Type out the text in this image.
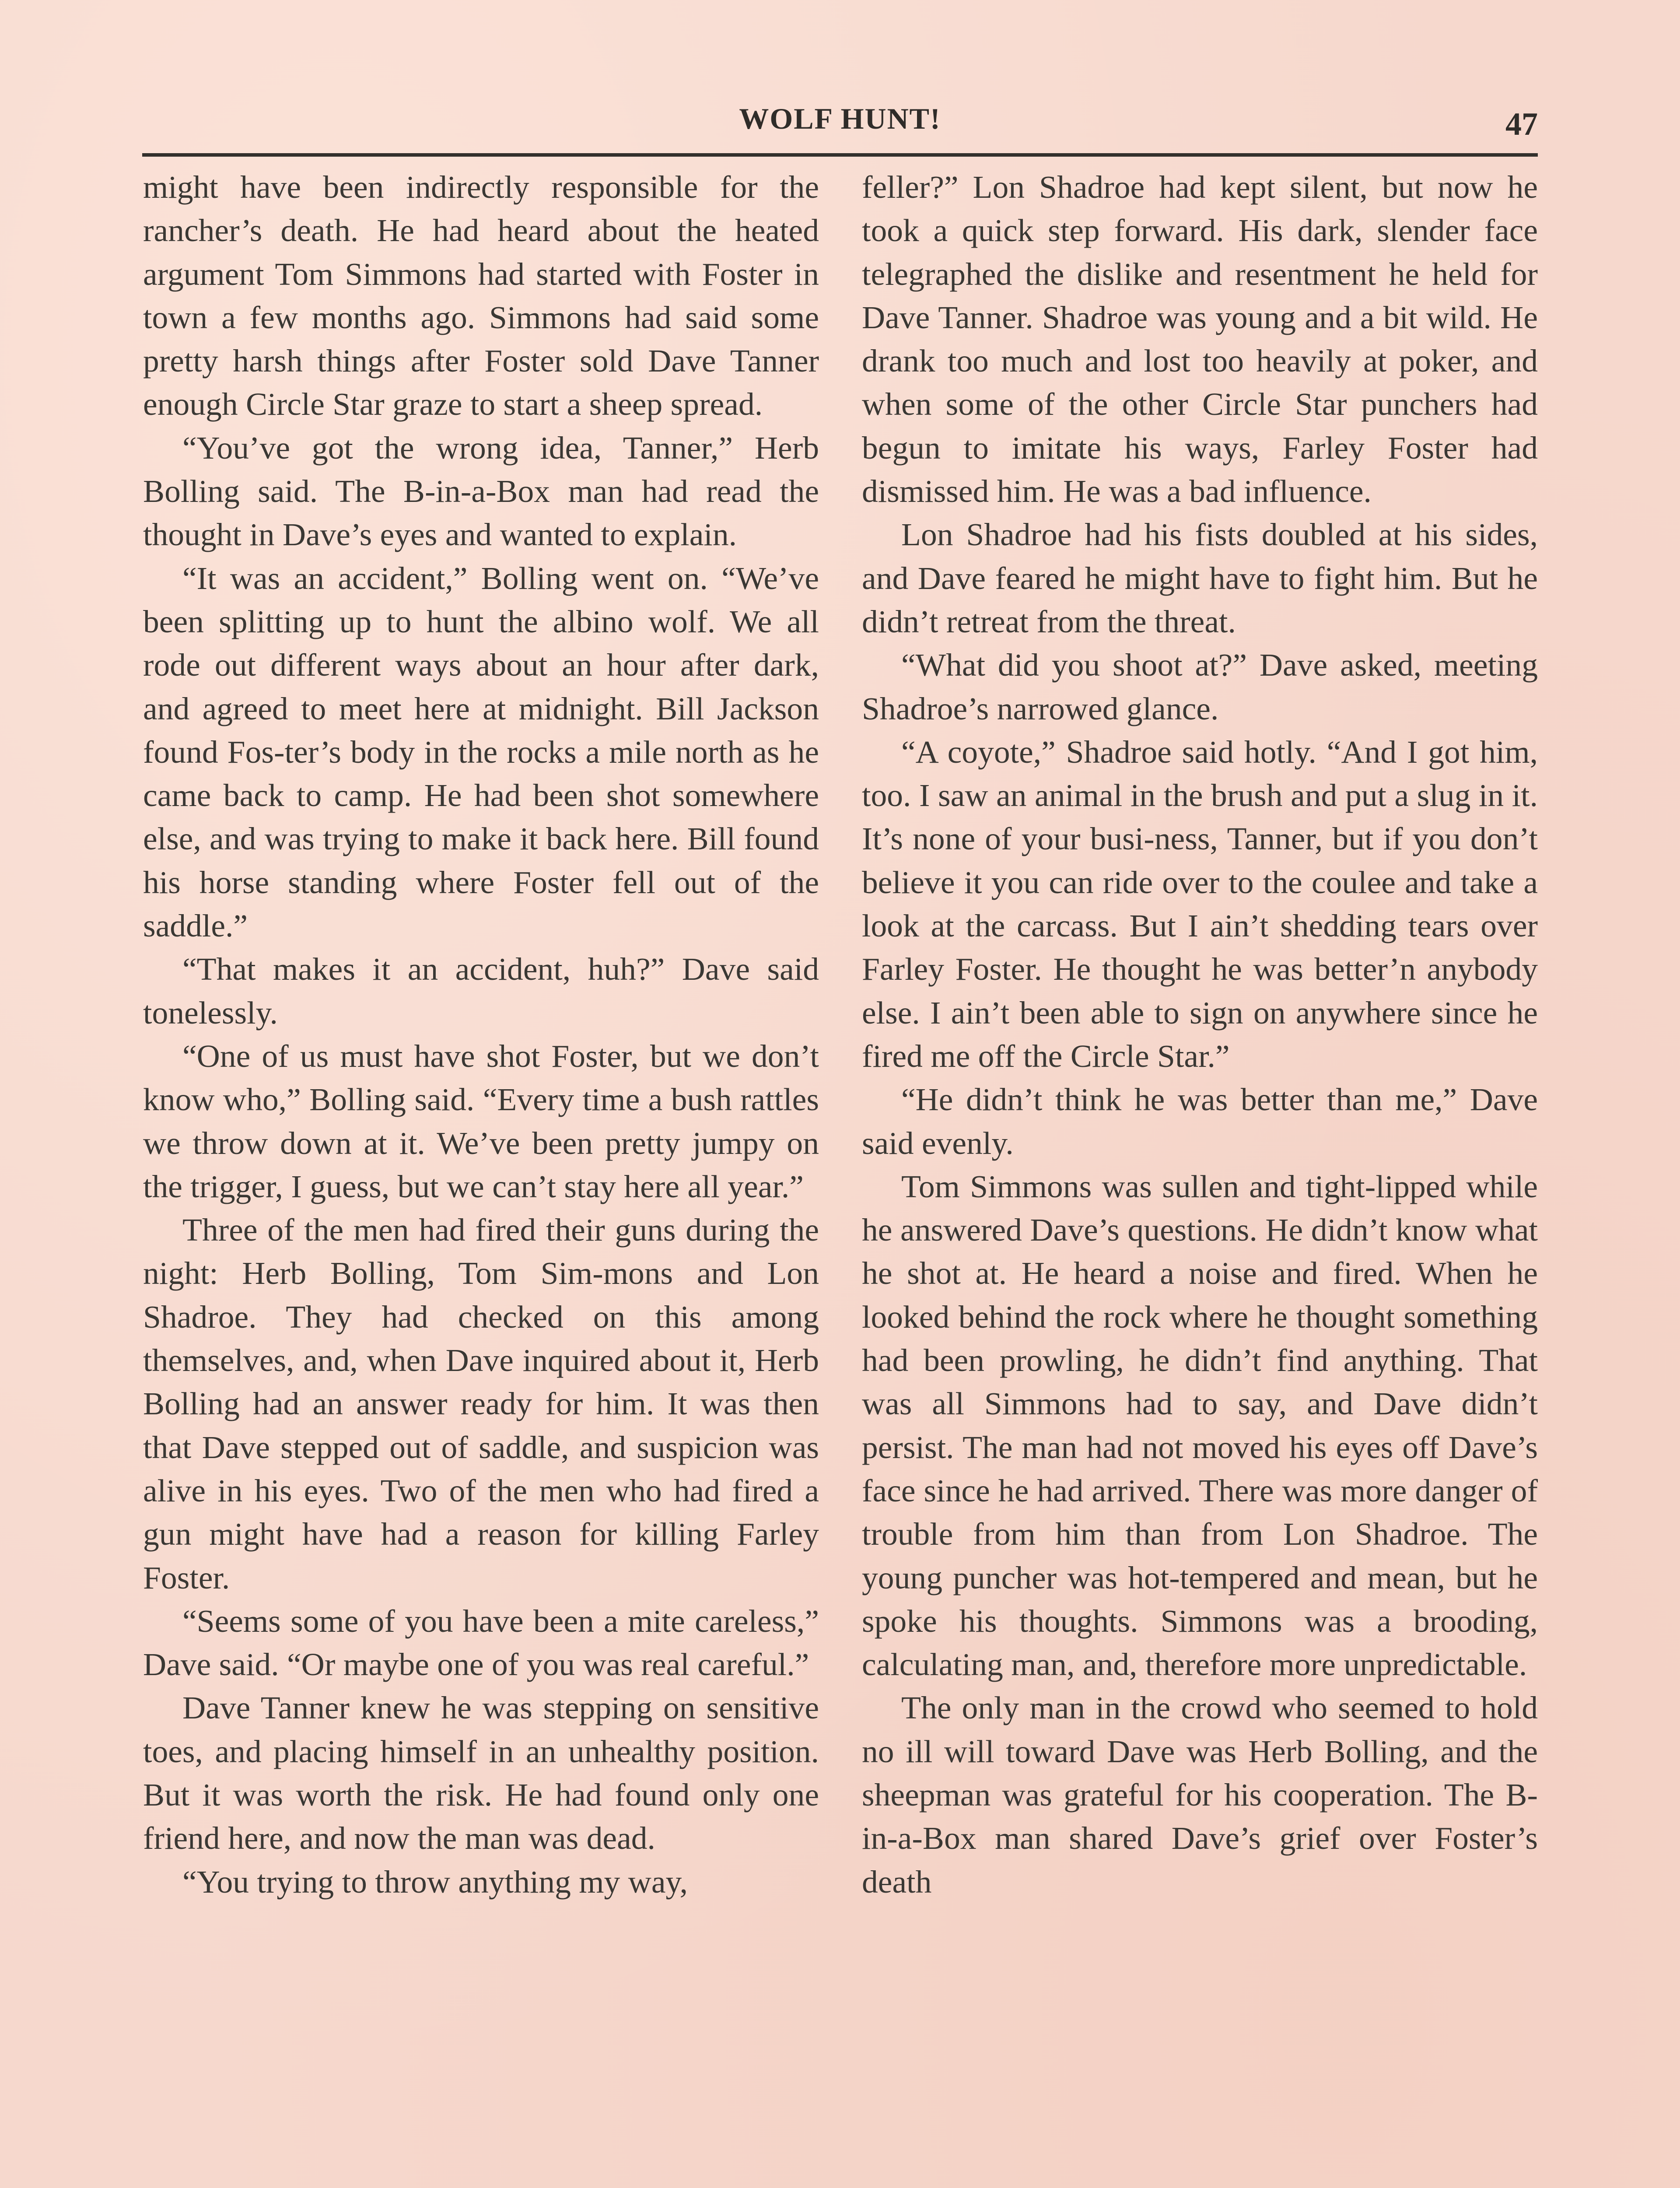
WOLF HUNT!	47

might have been indirectly responsible for the rancher’s death. He had heard about the heated argument Tom Simmons had started with Foster in town a few months ago. Simmons had said some pretty harsh things after Foster sold Dave Tanner enough Circle Star graze to start a sheep spread.

“You’ve got the wrong idea, Tanner,” Herb Bolling said. The B-in-a-Box man had read the thought in Dave’s eyes and wanted to explain.

“It was an accident,” Bolling went on. “We’ve been splitting up to hunt the albino wolf. We all rode out different ways about an hour after dark, and agreed to meet here at midnight. Bill Jackson found Fos-ter’s body in the rocks a mile north as he came back to camp. He had been shot somewhere else, and was trying to make it back here. Bill found his horse standing where Foster fell out of the saddle.”

“That makes it an accident, huh?” Dave said tonelessly.

“One of us must have shot Foster, but we don’t know who,” Bolling said. “Every time a bush rattles we throw down at it. We’ve been pretty jumpy on the trigger, I guess, but we can’t stay here all year.”

Three of the men had fired their guns during the night: Herb Bolling, Tom Sim-mons and Lon Shadroe. They had checked on this among themselves, and, when Dave inquired about it, Herb Bolling had an answer ready for him. It was then that Dave stepped out of saddle, and suspicion was alive in his eyes. Two of the men who had fired a gun might have had a reason for killing Farley Foster.

“Seems some of you have been a mite careless,” Dave said. “Or maybe one of you was real careful.”

Dave Tanner knew he was stepping on sensitive toes, and placing himself in an unhealthy position. But it was worth the risk. He had found only one friend here, and now the man was dead.

“You trying to throw anything my way,

feller?” Lon Shadroe had kept silent, but now he took a quick step forward. His dark, slender face telegraphed the dislike and resentment he held for Dave Tanner. Shadroe was young and a bit wild. He drank too much and lost too heavily at poker, and when some of the other Circle Star punchers had begun to imitate his ways, Farley Foster had dismissed him. He was a bad influence.

Lon Shadroe had his fists doubled at his sides, and Dave feared he might have to fight him. But he didn’t retreat from the threat.

“What did you shoot at?” Dave asked, meeting Shadroe’s narrowed glance.

“A coyote,” Shadroe said hotly. “And I got him, too. I saw an animal in the brush and put a slug in it. It’s none of your busi-ness, Tanner, but if you don’t believe it you can ride over to the coulee and take a look at the carcass. But I ain’t shedding tears over Farley Foster. He thought he was better’n anybody else. I ain’t been able to sign on anywhere since he fired me off the Circle Star.”

“He didn’t think he was better than me,” Dave said evenly.

Tom Simmons was sullen and tight-lipped while he answered Dave’s questions. He didn’t know what he shot at. He heard a noise and fired. When he looked behind the rock where he thought something had been prowling, he didn’t find anything. That was all Simmons had to say, and Dave didn’t persist. The man had not moved his eyes off Dave’s face since he had arrived. There was more danger of trouble from him than from Lon Shadroe. The young puncher was hot-tempered and mean, but he spoke his thoughts. Simmons was a brooding, calculating man, and, therefore more unpredictable.

The only man in the crowd who seemed to hold no ill will toward Dave was Herb Bolling, and the sheepman was grateful for his cooperation. The B-in-a-Box man shared Dave’s grief over Foster’s death
